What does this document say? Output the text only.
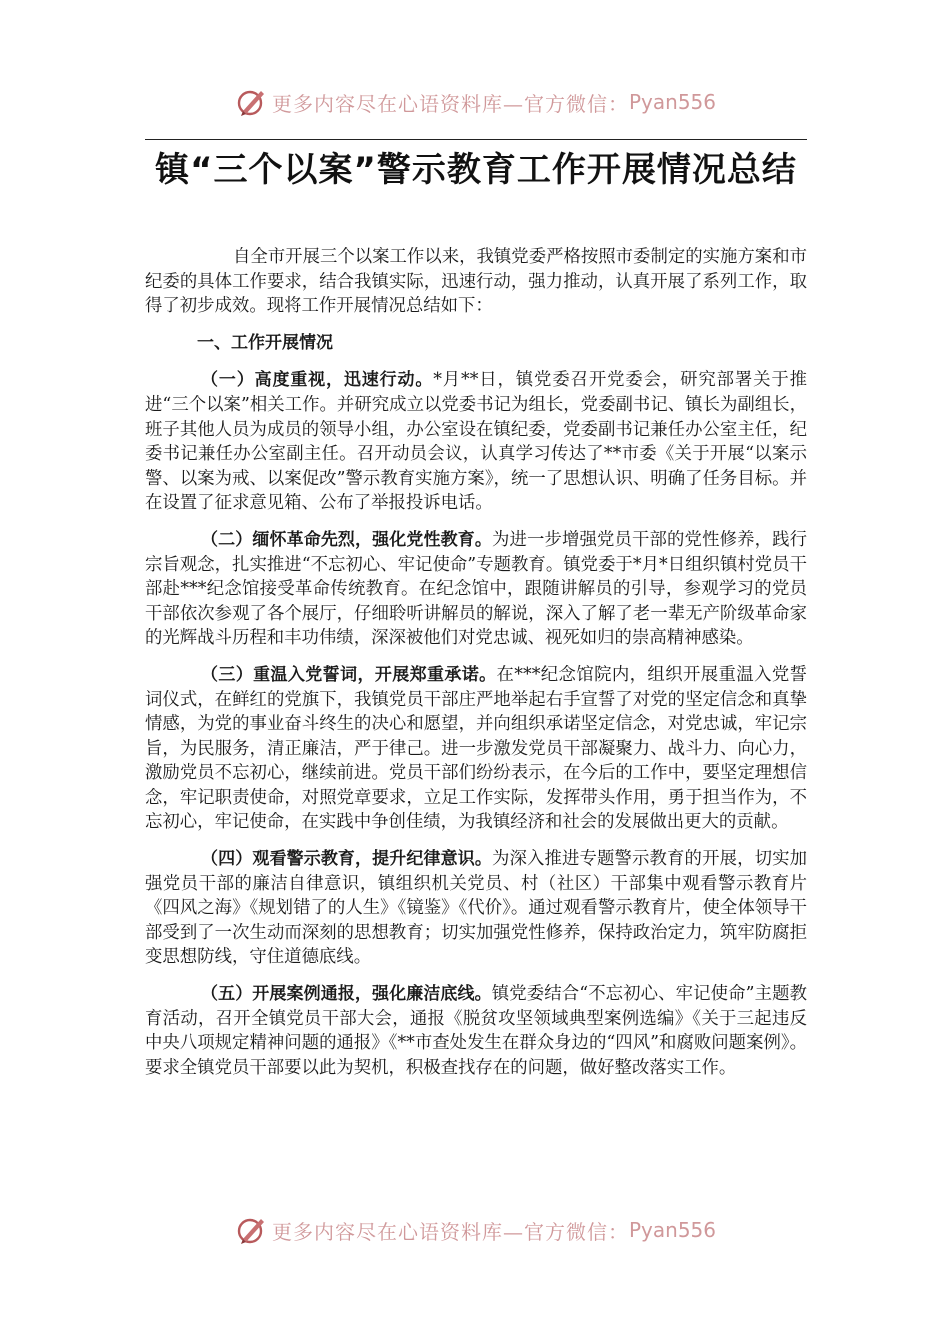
更多内容尽在心语资料库—官方微信： Pyan556
镇“三个以案”警示教育工作开展情况总结

自全市开展三个以案工作以来，我镇党委严格按照市委制定的实施方案和市纪委的具体工作要求，结合我镇实际，迅速行动，强力推动，认真开展了系列工作，取得了初步成效。现将工作开展情况总结如下：

一、工作开展情况

（一）高度重视，迅速行动。*月**日，镇党委召开党委会，研究部署关于推进“三个以案”相关工作。并研究成立以党委书记为组长，党委副书记、镇长为副组长，班子其他人员为成员的领导小组，办公室设在镇纪委，党委副书记兼任办公室主任，纪委书记兼任办公室副主任。召开动员会议，认真学习传达了**市委《关于开展“以案示警、以案为戒、以案促改”警示教育实施方案》，统一了思想认识、明确了任务目标。并在设置了征求意见箱、公布了举报投诉电话。

（二）缅怀革命先烈，强化党性教育。为进一步增强党员干部的党性修养，践行宗旨观念，扎实推进“不忘初心、牢记使命”专题教育。镇党委于*月*日组织镇村党员干部赴***纪念馆接受革命传统教育。在纪念馆中，跟随讲解员的引导，参观学习的党员干部依次参观了各个展厅，仔细聆听讲解员的解说，深入了解了老一辈无产阶级革命家的光辉战斗历程和丰功伟绩，深深被他们对党忠诚、视死如归的崇高精神感染。

（三）重温入党誓词，开展郑重承诺。在***纪念馆院内，组织开展重温入党誓词仪式，在鲜红的党旗下，我镇党员干部庄严地举起右手宣誓了对党的坚定信念和真挚情感，为党的事业奋斗终生的决心和愿望，并向组织承诺坚定信念，对党忠诚，牢记宗旨，为民服务，清正廉洁，严于律己。进一步激发党员干部凝聚力、战斗力、向心力，激励党员不忘初心，继续前进。党员干部们纷纷表示，在今后的工作中，要坚定理想信念，牢记职责使命，对照党章要求，立足工作实际，发挥带头作用，勇于担当作为，不忘初心，牢记使命，在实践中争创佳绩，为我镇经济和社会的发展做出更大的贡献。

（四）观看警示教育，提升纪律意识。为深入推进专题警示教育的开展，切实加强党员干部的廉洁自律意识，镇组织机关党员、村（社区）干部集中观看警示教育片《四风之海》《规划错了的人生》《镜鉴》《代价》。通过观看警示教育片，使全体领导干部受到了一次生动而深刻的思想教育；切实加强党性修养，保持政治定力，筑牢防腐拒变思想防线，守住道德底线。

（五）开展案例通报，强化廉洁底线。镇党委结合“不忘初心、牢记使命”主题教育活动，召开全镇党员干部大会，通报《脱贫攻坚领域典型案例选编》《关于三起违反中央八项规定精神问题的通报》《**市查处发生在群众身边的“四风”和腐败问题案例》。要求全镇党员干部要以此为契机，积极查找存在的问题，做好整改落实工作。

更多内容尽在心语资料库—官方微信： Pyan556
